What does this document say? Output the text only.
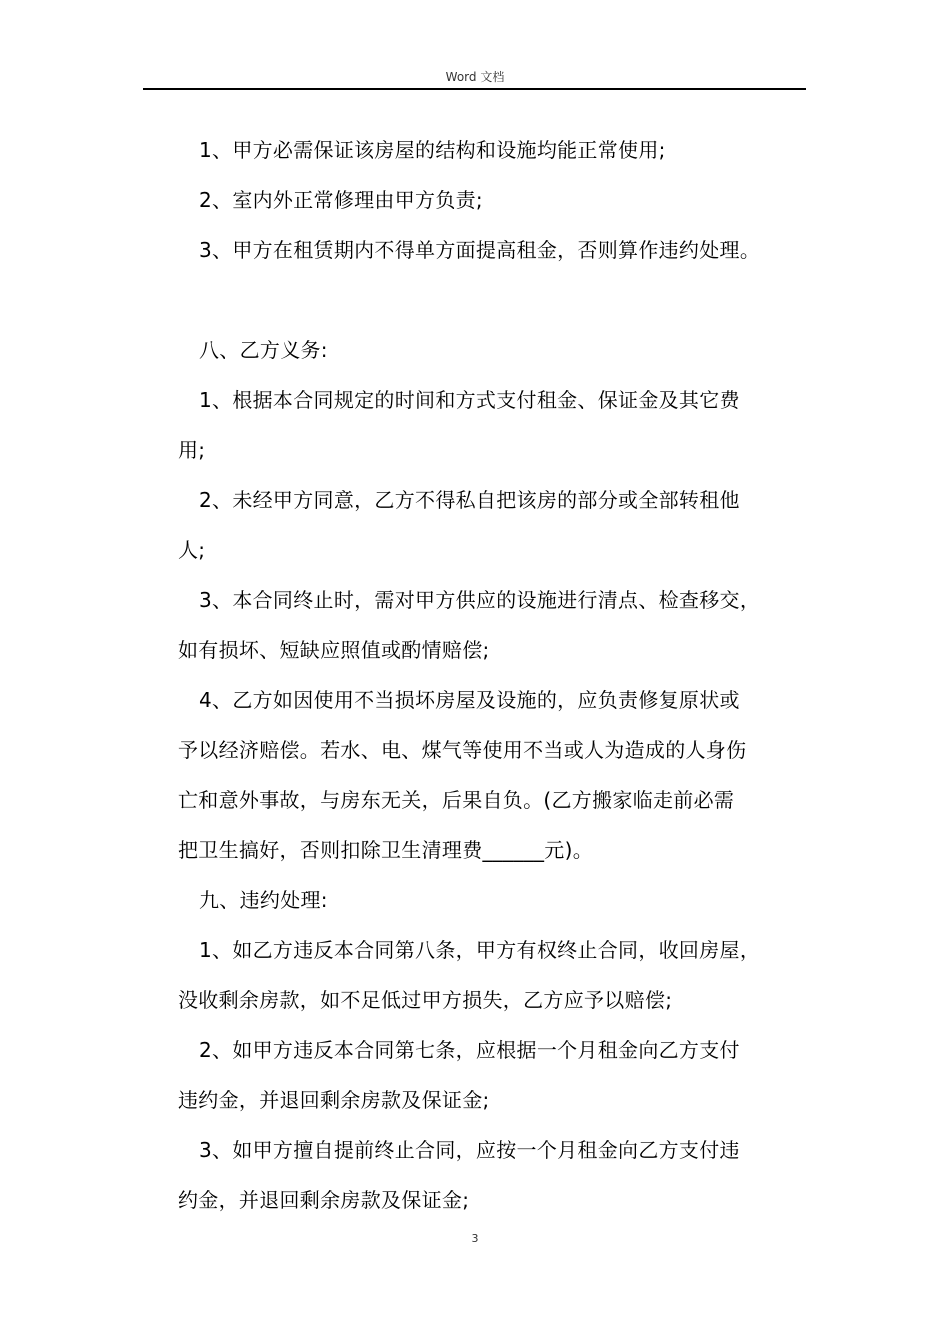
Word 文档
1、甲方必需保证该房屋的结构和设施均能正常使用;
2、室内外正常修理由甲方负责;
3、甲方在租赁期内不得单方面提高租金，否则算作违约处理。
八、乙方义务:
1、根据本合同规定的时间和方式支付租金、保证金及其它费
用;
2、未经甲方同意，乙方不得私自把该房的部分或全部转租他
人;
3、本合同终止时，需对甲方供应的设施进行清点、检查移交，
如有损坏、短缺应照值或酌情赔偿;
4、乙方如因使用不当损坏房屋及设施的，应负责修复原状或
予以经济赔偿。若水、电、煤气等使用不当或人为造成的人身伤
亡和意外事故，与房东无关，后果自负。(乙方搬家临走前必需
把卫生搞好，否则扣除卫生清理费______元)。
九、违约处理:
1、如乙方违反本合同第八条，甲方有权终止合同，收回房屋，
没收剩余房款，如不足低过甲方损失，乙方应予以赔偿;
2、如甲方违反本合同第七条，应根据一个月租金向乙方支付
违约金，并退回剩余房款及保证金;
3、如甲方擅自提前终止合同，应按一个月租金向乙方支付违
约金，并退回剩余房款及保证金;
3
